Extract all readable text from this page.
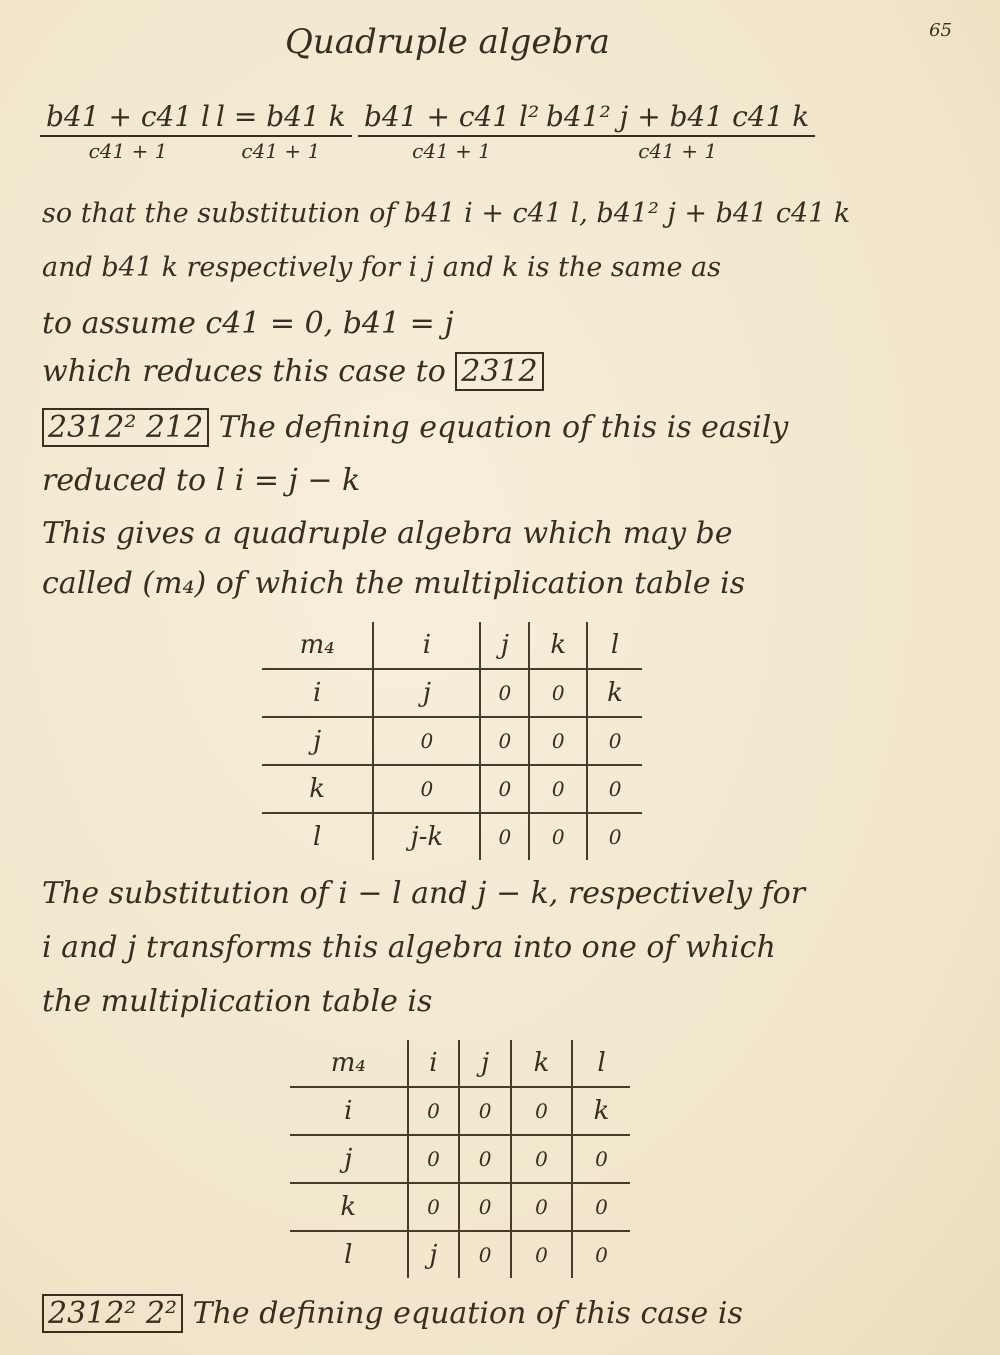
65
Quadruple algebra
b41 + c41 l
c41 + 1
l = b41 k
c41 + 1
b41 + c41 l²
c41 + 1
b41² j + b41 c41 k
c41 + 1
so that the substitution of b41 i + c41 l, b41² j + b41 c41 k
and b41 k respectively for i j and k is the same as
to assume c41 = 0, b41 = j
which reduces this case to 2312
2312² 212 The defining equation of this is easily
reduced to l i = j − k
This gives a quadruple algebra which may be
called (m₄) of which the multiplication table is
m₄	i	j	k	l
i	j	0	0	k
j	0	0	0	0
k	0	0	0	0
l	j-k	0	0	0
The substitution of i − l and j − k, respectively for
i and j transforms this algebra into one of which
the multiplication table is
m₄	i	j	k	l
i	0	0	0	k
j	0	0	0	0
k	0	0	0	0
l	j	0	0	0
2312² 2² The defining equation of this case is
